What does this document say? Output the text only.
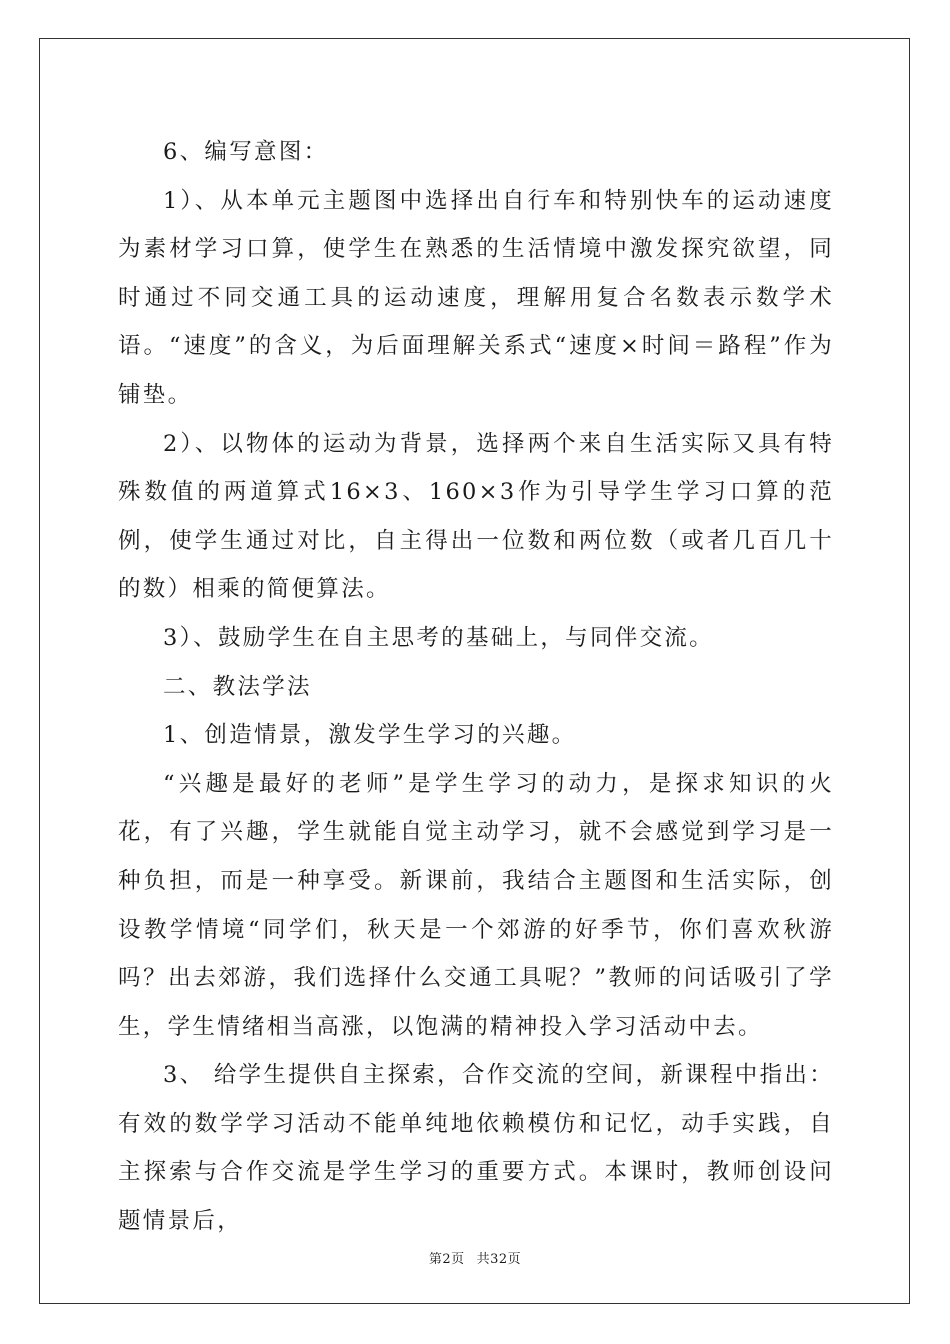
6、编写意图：

1）、从本单元主题图中选择出自行车和特别快车的运动速度为素材学习口算，使学生在熟悉的生活情境中激发探究欲望，同时通过不同交通工具的运动速度，理解用复合名数表示数学术语。“速度”的含义，为后面理解关系式“速度×时间＝路程”作为铺垫。

2）、以物体的运动为背景，选择两个来自生活实际又具有特殊数值的两道算式16×3、160×3作为引导学生学习口算的范例，使学生通过对比，自主得出一位数和两位数（或者几百几十的数）相乘的简便算法。

3）、鼓励学生在自主思考的基础上，与同伴交流。

二、教法学法

1、创造情景，激发学生学习的兴趣。

“兴趣是最好的老师”是学生学习的动力，是探求知识的火花，有了兴趣，学生就能自觉主动学习，就不会感觉到学习是一种负担，而是一种享受。新课前，我结合主题图和生活实际，创设教学情境“同学们，秋天是一个郊游的好季节，你们喜欢秋游吗？出去郊游，我们选择什么交通工具呢？”教师的问话吸引了学生，学生情绪相当高涨，以饱满的精神投入学习活动中去。

3、 给学生提供自主探索，合作交流的空间，新课程中指出：有效的数学学习活动不能单纯地依赖模仿和记忆，动手实践，自主探索与合作交流是学生学习的重要方式。本课时，教师创设问题情景后，

第2页 共32页
